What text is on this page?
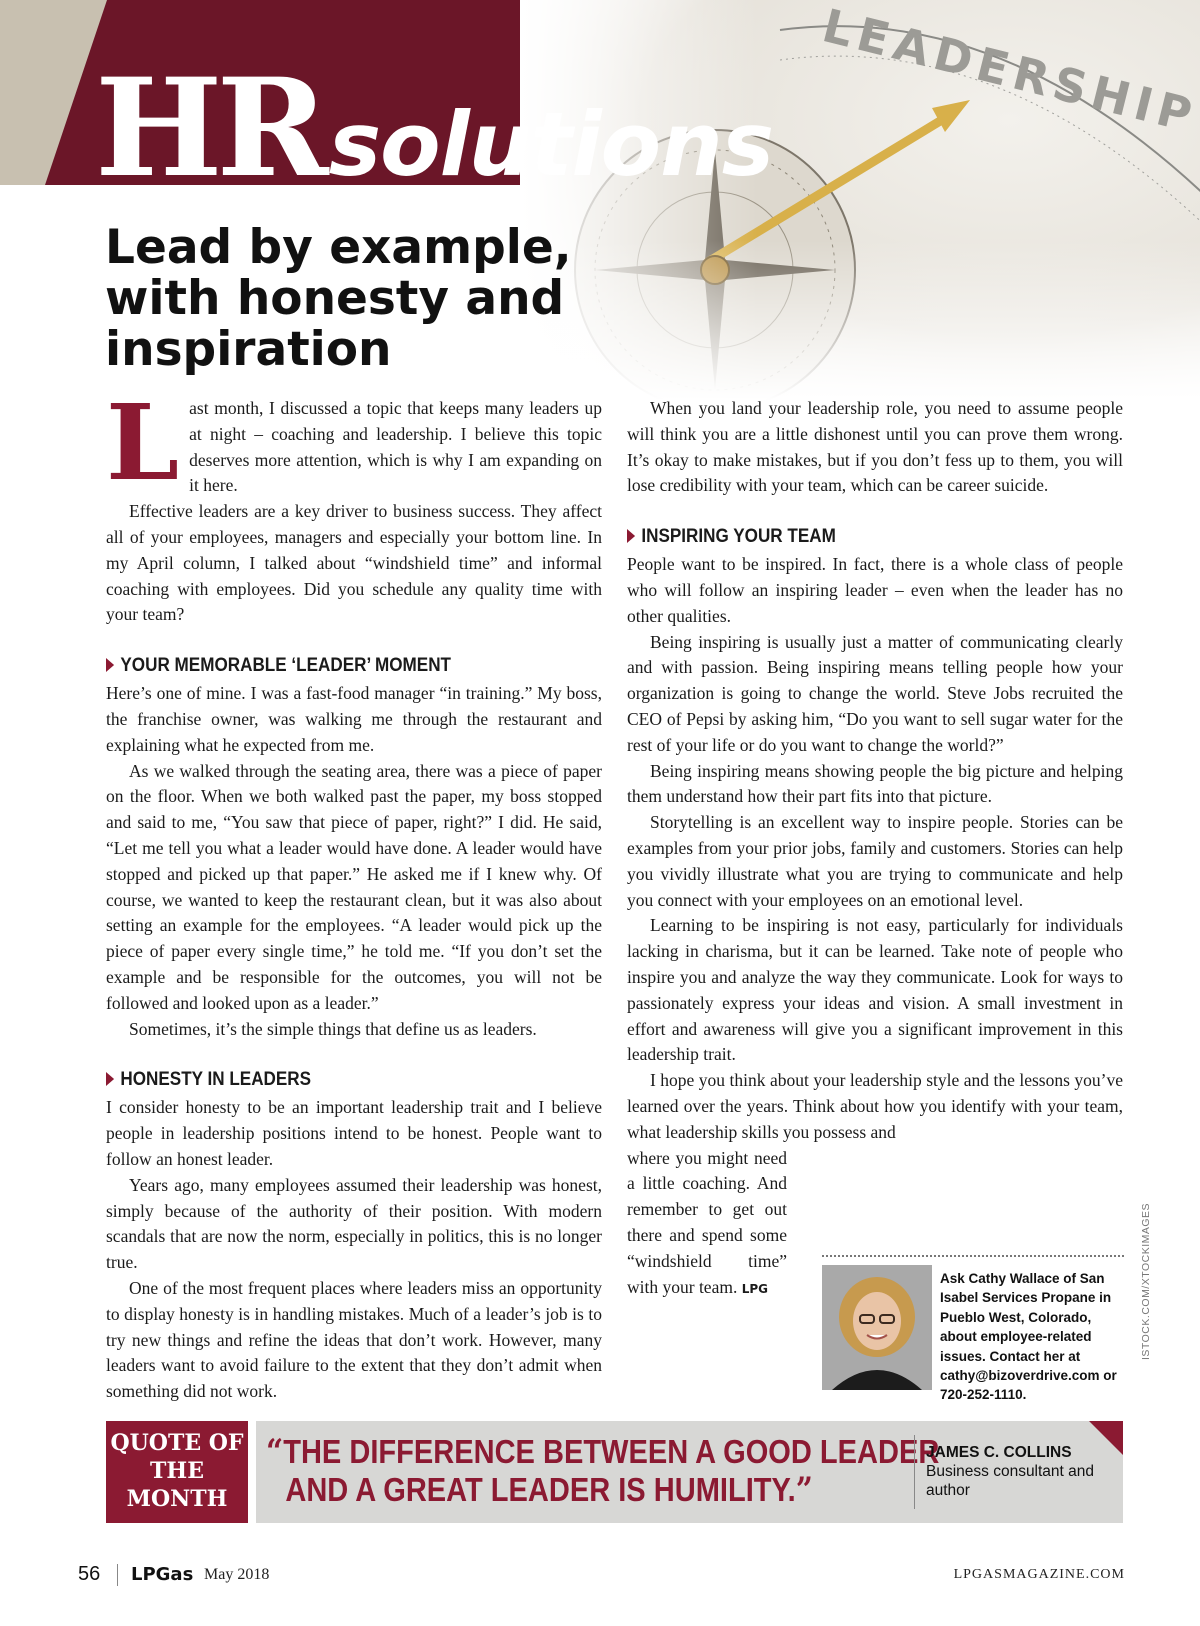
HRsolutions
Lead by example, with honesty and inspiration

Last month, I discussed a topic that keeps many leaders up at night – coaching and leadership. I believe this topic deserves more attention, which is why I am expanding on it here.

Effective leaders are a key driver to business success. They affect all of your employees, managers and especially your bottom line. In my April column, I talked about “windshield time” and informal coaching with employees. Did you schedule any quality time with your team?

YOUR MEMORABLE ‘LEADER’ MOMENT

Here’s one of mine. I was a fast-food manager “in training.” My boss, the franchise owner, was walking me through the restaurant and explaining what he expected from me.

As we walked through the seating area, there was a piece of paper on the floor. When we both walked past the paper, my boss stopped and said to me, “You saw that piece of paper, right?” I did. He said, “Let me tell you what a leader would have done. A leader would have stopped and picked up that paper.” He asked me if I knew why. Of course, we wanted to keep the restaurant clean, but it was also about setting an example for the employees. “A leader would pick up the piece of paper every single time,” he told me. “If you don’t set the example and be responsible for the outcomes, you will not be followed and looked upon as a leader.”

Sometimes, it’s the simple things that define us as leaders.

HONESTY IN LEADERS

I consider honesty to be an important leadership trait and I believe people in leadership positions intend to be honest. People want to follow an honest leader.

Years ago, many employees assumed their leadership was honest, simply because of the authority of their position. With modern scandals that are now the norm, especially in politics, this is no longer true.

One of the most frequent places where leaders miss an opportunity to display honesty is in handling mistakes. Much of a leader’s job is to try new things and refine the ideas that don’t work. However, many leaders want to avoid failure to the extent that they don’t admit when something did not work.

When you land your leadership role, you need to assume people will think you are a little dishonest until you can prove them wrong. It’s okay to make mistakes, but if you don’t fess up to them, you will lose credibility with your team, which can be career suicide.

INSPIRING YOUR TEAM

People want to be inspired. In fact, there is a whole class of people who will follow an inspiring leader – even when the leader has no other qualities.

Being inspiring is usually just a matter of communicating clearly and with passion. Being inspiring means telling people how your organization is going to change the world. Steve Jobs recruited the CEO of Pepsi by asking him, “Do you want to sell sugar water for the rest of your life or do you want to change the world?”

Being inspiring means showing people the big picture and helping them understand how their part fits into that picture.

Storytelling is an excellent way to inspire people. Stories can be examples from your prior jobs, family and customers. Stories can help you vividly illustrate what you are trying to communicate and help you connect with your employees on an emotional level.

Learning to be inspiring is not easy, particularly for individuals lacking in charisma, but it can be learned. Take note of people who inspire you and analyze the way they communicate. Look for ways to passionately express your ideas and vision. A small investment in effort and awareness will give you a significant improvement in this leadership trait.

I hope you think about your leadership style and the lessons you’ve learned over the years. Think about how you identify with your team, what leadership skills you possess and

where you might need a little coaching. And remember to get out there and spend some “windshield time” with your team. LPG

Ask Cathy Wallace of San Isabel Services Propane in Pueblo West, Colorado, about employee-related issues. Contact her at cathy@bizoverdrive.com or 720-252-1110.
QUOTE OF THE MONTH
“THE DIFFERENCE BETWEEN A GOOD LEADER
AND A GREAT LEADER IS HUMILITY.”
JAMES C. COLLINS
Business consultant and author
ISTOCK.COM/XTOCKIMAGES
56 LPGas May 2018	LPGASMAGAZINE.COM
